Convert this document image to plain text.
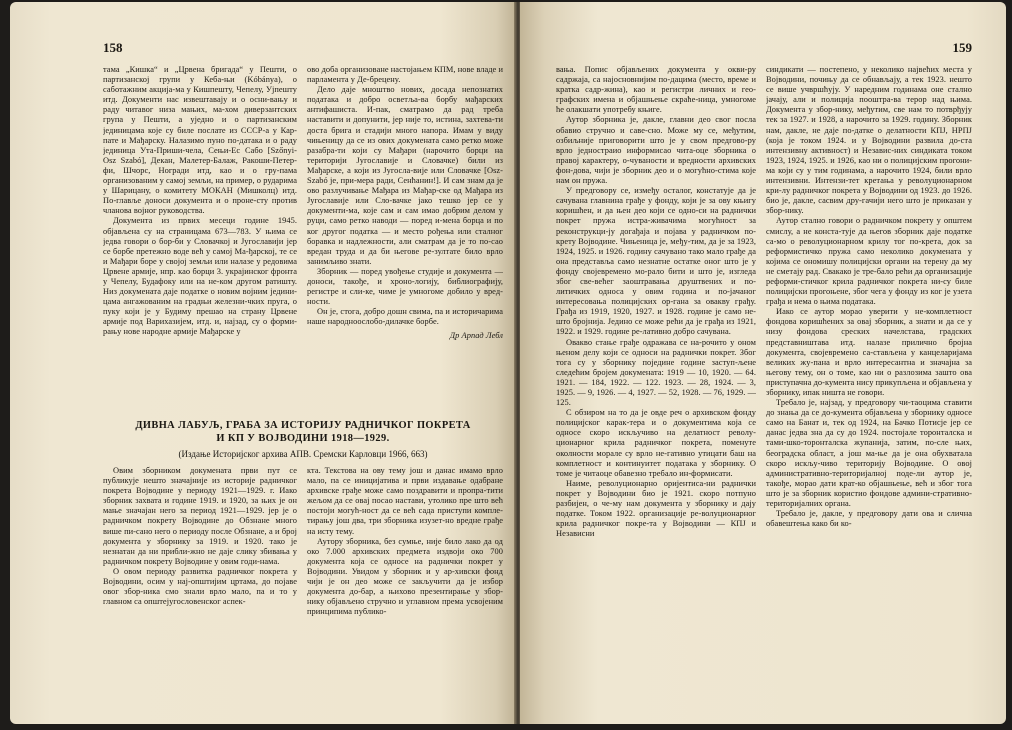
158

тама „Кишка“ и „Црвена бригада“ у Пешти, о партизанској групи у Кеба-њи (Kóbánya), о саботажним акција-ма у Кишпешту, Чепелу, Ујпешту итд. Документи нас извештавају и о осни-вању и раду читавог низа мањих, ма-хом диверзантских група у Пешти, а уједно и о партизанским јединицама које су биле послате из СССР-а у Кар-пате и Мађарску. Налазимо пуно по-датака и о раду јединица Ута-Приши-чела, Сењи-Ес Сабо [Szőnyi-Osz Szabó], Декан, Малетер-Балаж, Ракоши-Петер-фи, Шчорс, Ногради итд, као и о гру-пама организованим у самој земљи, на пример, о рударима у Шарицану, о комитету МОКАН (Мишколц) итд. По-главље доноси документа и о проне-сту против чланова војног руководства.

Документа из првих месеци године 1945. објављена су на страницама 673—783. У њима се једва говори о бор-би у Словачкој и Југославији јер се борбе претежно воде већ у самој Ма-ђарској, те се и Мађари боре у својој земљи или налазе у редовима Црвене армије, нпр. као борци 3. украјинског фронта у Чепелу, Будафоку или на не-ком другом ратишту. Низ докумената даје податке о новим војним једини-цама ангажованим на градњи железни-чких пруга, о пуку који је у Будиму прешао на страну Црвене армије под Варихазијем, итд. и, најзад, су о форми-рању нове народне армије Мађарске у

ово доба организоване настојањем КПМ, нове владе и парламента у Де-брецену.

Дело даје мноштво нових, досада непознатих података и добро осветља-ва борбу мађарских антифашиста. И-пак, сматрамо да рад треба наставити и допунити, јер није то, истина, захтева-ти доста брига и стадији много напора. Имам у виду чињеницу да се из ових докумената само ретко може разабра-ти који су Мађари (нарочито борци на територији Југославије и Словачке) били из Мађарске, а који из Југосла-вије или Словачке [Osz-Szabó је, при-мера ради, Сенћанин!]. И сам знам да је ово разлучивање Мађара из Мађар-ске од Мађара из Југославије или Сло-вачке јако тешко јер се у документи-ма, које сам и сам имао добрим делом у руци, само ретко наводи — поред и-мена борца и по ког другог податка — и место рођења или сталног боравка и надлежности, али сматрам да је то по-сао вредан труда и да би његове ре-зултате било врло занимљиво знати.

Зборник — поред увођење студије и документа — доноси, такође, и хроно-логију, библиографију, регистре и сли-ке, чиме је умногоме добило у вред-ности.

Он је, стога, добро дошн свима, па и историчарима наше народноослобо-дилачке борбе.

Др Арпад Лебл

ДИВНА ЛАБУЉ, ГРАБА ЗА ИСТОРИЈУ РАДНИЧКОГ ПОКРЕТА
И КП У ВОЈВОДИНИ 1918—1929.
(Издање Историјског архива АПВ. Сремски Карловци 1966, 663)

Овим зборником докумената први пут се публикује нешто значајније из историје радничког покрета Војводине у периоду 1921—1929. г. Иако зборник захвата и године 1919. и 1920, за њих је он мање значајан него за период 1921—1929. јер је о радничком покрету Војводине до Обзнане много више пи-сано него о периоду после Обзнане, а и број документа у зборнику за 1919. и 1920. тако је незнатан да ни прибли-жно не даје слику збивања у радничком покрету Војводине у овим годи-нама.

О овом периоду развитка радничког покрета у Војводини, осим у нај-општијим цртама, до појаве овог збор-ника смо знали врло мало, па и то у главном са општејугословенског аспек-

кта. Текстова на ову тему још и данас имамо врло мало, па се иницијатива и први издавање одабране архивске грађе може само поздравити и пропра-тити жељом да се овај посао настави, утолико пре што већ постоји могућ-ност да се већ сада приступи компле-тирању још два, три зборника изузет-но вредне грађе на исту тему.

Аутору зборника, без сумње, није било лако да од око 7.000 архивских предмета издвоји око 700 документа која се односе на раднички покрет у Војводини. Увидом у зборник и у ар-хивски фонд чији је он део може се закључити да је избор документа до-бар, а њихово презентирање у збор-нику објављено стручно и углавном према усвојеним принципима публико-

159

вања. Попис објављених документа у окви-ру садржаја, са најосновнијим по-дацима (место, време и кратка садр-жина), као и регистри личних и гео-графских имена и објашњење скраће-ница, умногоме ће олакшати употребу књиге.

Аутор зборника је, дакле, главни део свог посла обавио стручно и саве-сно. Може му се, међутим, озбиљније приговорити што је у свом предгово-ру врло једностраио информисао чита-оце зборника о правој карактеру, о-чуваности и вредности архивских фон-дова, чији је зборник део и о могућно-стима које нам он пружа.

У предговору се, између осталог, констатује да је сачувана главнина грађе у фонду, који је за ову књигу коришћен, и да њен део који се одно-си на раднички покрет пружа истра-живачима могућност за реконструкци-ју догађаја и појава у радничком по-крету Војводине. Чињеница је, међу-тим, да је за 1923, 1924, 1925. и 1926. годину сачувано тако мало грађе да она представља само незнатне остатке оног што је у фонду својевремено мо-рало бити и што је, изгледа због све-већег заоштравања друштвених и по-литичких односа у овим година и по-јачаног интересовања полицијских ор-гана за овакву грађу. Грађа из 1919, 1920, 1927. и 1928. године је само не-што бројнија. Једино се може рећи да је грађа из 1921, 1922. и 1929. године ре-лативно добро сачувана.

Овакво стање грађе одражава се на-рочито у оном њеном делу који се односи на раднички покрет. Због тога су у зборнику појединe године заступ-љене следећим бројем докумената: 1919 — 10, 1920. — 64. 1921. — 184, 1922. — 122. 1923. — 28, 1924. — 3, 1925. — 9, 1926. — 4, 1927. — 52, 1928. — 76, 1929. — 125.

С обзиром на то да је овде реч о архивском фонду полицијског карак-тера и о документима која се односе скоро искључиво на делатност револу-ционарног крила радничког покрета, поменуте околности морале су врло не-гативно утицати баш на комплетност и континуитет података у зборнику. О томе је читаоце обавезно требало ин-формисати.

Наиме, револуционарно оријентиса-ни раднички покрет у Војводини био је 1921. скоро потпуно разбијен, о че-му нам документа у зборнику и дају податке. Током 1922. организације ре-волуционарног крила радничког покре-та у Војводини — КПЈ и Независни

синдикати — постепено, у неколико највећих места у Војводини, почињу да се обнављају, а тек 1923. нешто се више учвршћују. У наредним годинама оне стално јачају, али и полиција пооштра-ва терор над њима. Документа у збор-нику, међутим, све нам то потврђују тек за 1927. и 1928, а нарочито за 1929. годину. Зборник нам, дакле, не даје по-датке о делатности КПЈ, НРПЈ (која је током 1924. и у Војводини развила до-ста интензивну активност) и Независ-них синдиката током 1923, 1924, 1925. и 1926, као ни о полицијским прогони-ма који су у тим годинама, а нарочито 1924, били врло интензивни. Интензи-тет кретања у револуционарном кри-лу радничког покрета у Војводини од 1923. до 1926. био је, дакле, сасвим дру-гачији него што је приказан у збор-нику.

Аутор стално говори о радничком покрету у општем смислу, а не конста-тује да његов зборник даје податке са-мо о револуционарном крилу тог по-крета, док за реформистичко пружа само неколико докумената у којима се ономишу полицијски органи на терену да му не сметају рад. Свакако је тре-бало рећи да организације реформи-стичког крила радничког покрета ни-су биле полицијски прогоњене, због чега у фонду из ког је узета грађа и нема о њима података.

Иако се аутор морао уверити у не-комплетност фондова коришћених за овај зборник, а знати и да се у низу фондова среских начелстава, градских представништава итд. налазе прилично бројна документа, својевремено са-стављена у канцеларијама великих жу-пана и врло интересантна и значајна за његову тему, он о томе, као ни о разлозима зашто ова приступачна до-кумента нису прикупљена и објављена у зборнику, ипак ништа не говори.

Требало је, најзад, у предговору чи-таоцима ставити до знања да се до-кумента објављена у зборнику односе само на Банат и, тек од 1924, на Бачко Потисје јер се данас једва зна да су до 1924. постојале торонталска и тами-шко-торонталска жупанија, затим, по-сле њих, београдска област, а још ма-ње да је она обухватала скоро искљу-чиво територију Војводине. О овој административно-територијалној поде-ли аутор је, такође, морао дати крат-ко објашњење, већ и због тога што је за зборник користио фондове админи-стративно-територијалних органа.

Требало је, дакле, у предговору дати ова и слична обавештења како би ко-
